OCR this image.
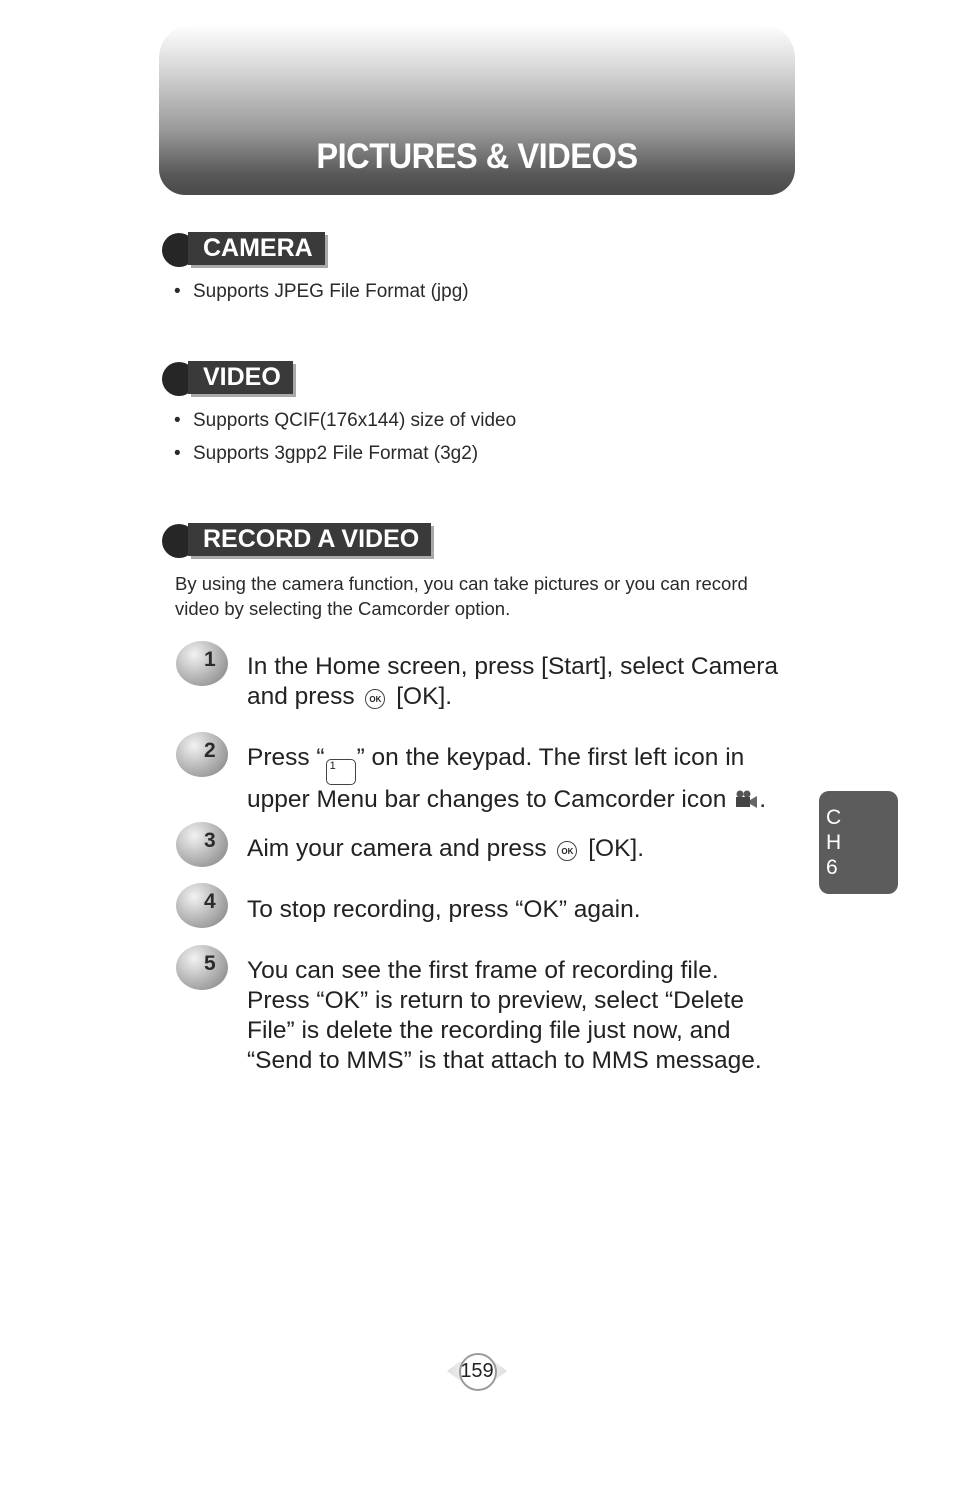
PICTURES & VIDEOS
CAMERA
• Supports JPEG File Format (jpg)
VIDEO
• Supports QCIF(176x144) size of video
• Supports 3gpp2 File Format (3g2)
RECORD A VIDEO
By using the camera function, you can take pictures or you can record
video by selecting the Camcorder option.
1 In the Home screen, press [Start], select Camera
and press OK [OK].
2 Press “ 1 ” on the keypad. The first left icon in
upper Menu bar changes to Camcorder icon .
3 Aim your camera and press OK [OK].
4 To stop recording, press “OK” again.
5 You can see the first frame of recording file.
Press “OK” is return to preview, select “Delete
File” is delete the recording file just now, and
“Send to MMS” is that attach to MMS message.
C
H
6
159
